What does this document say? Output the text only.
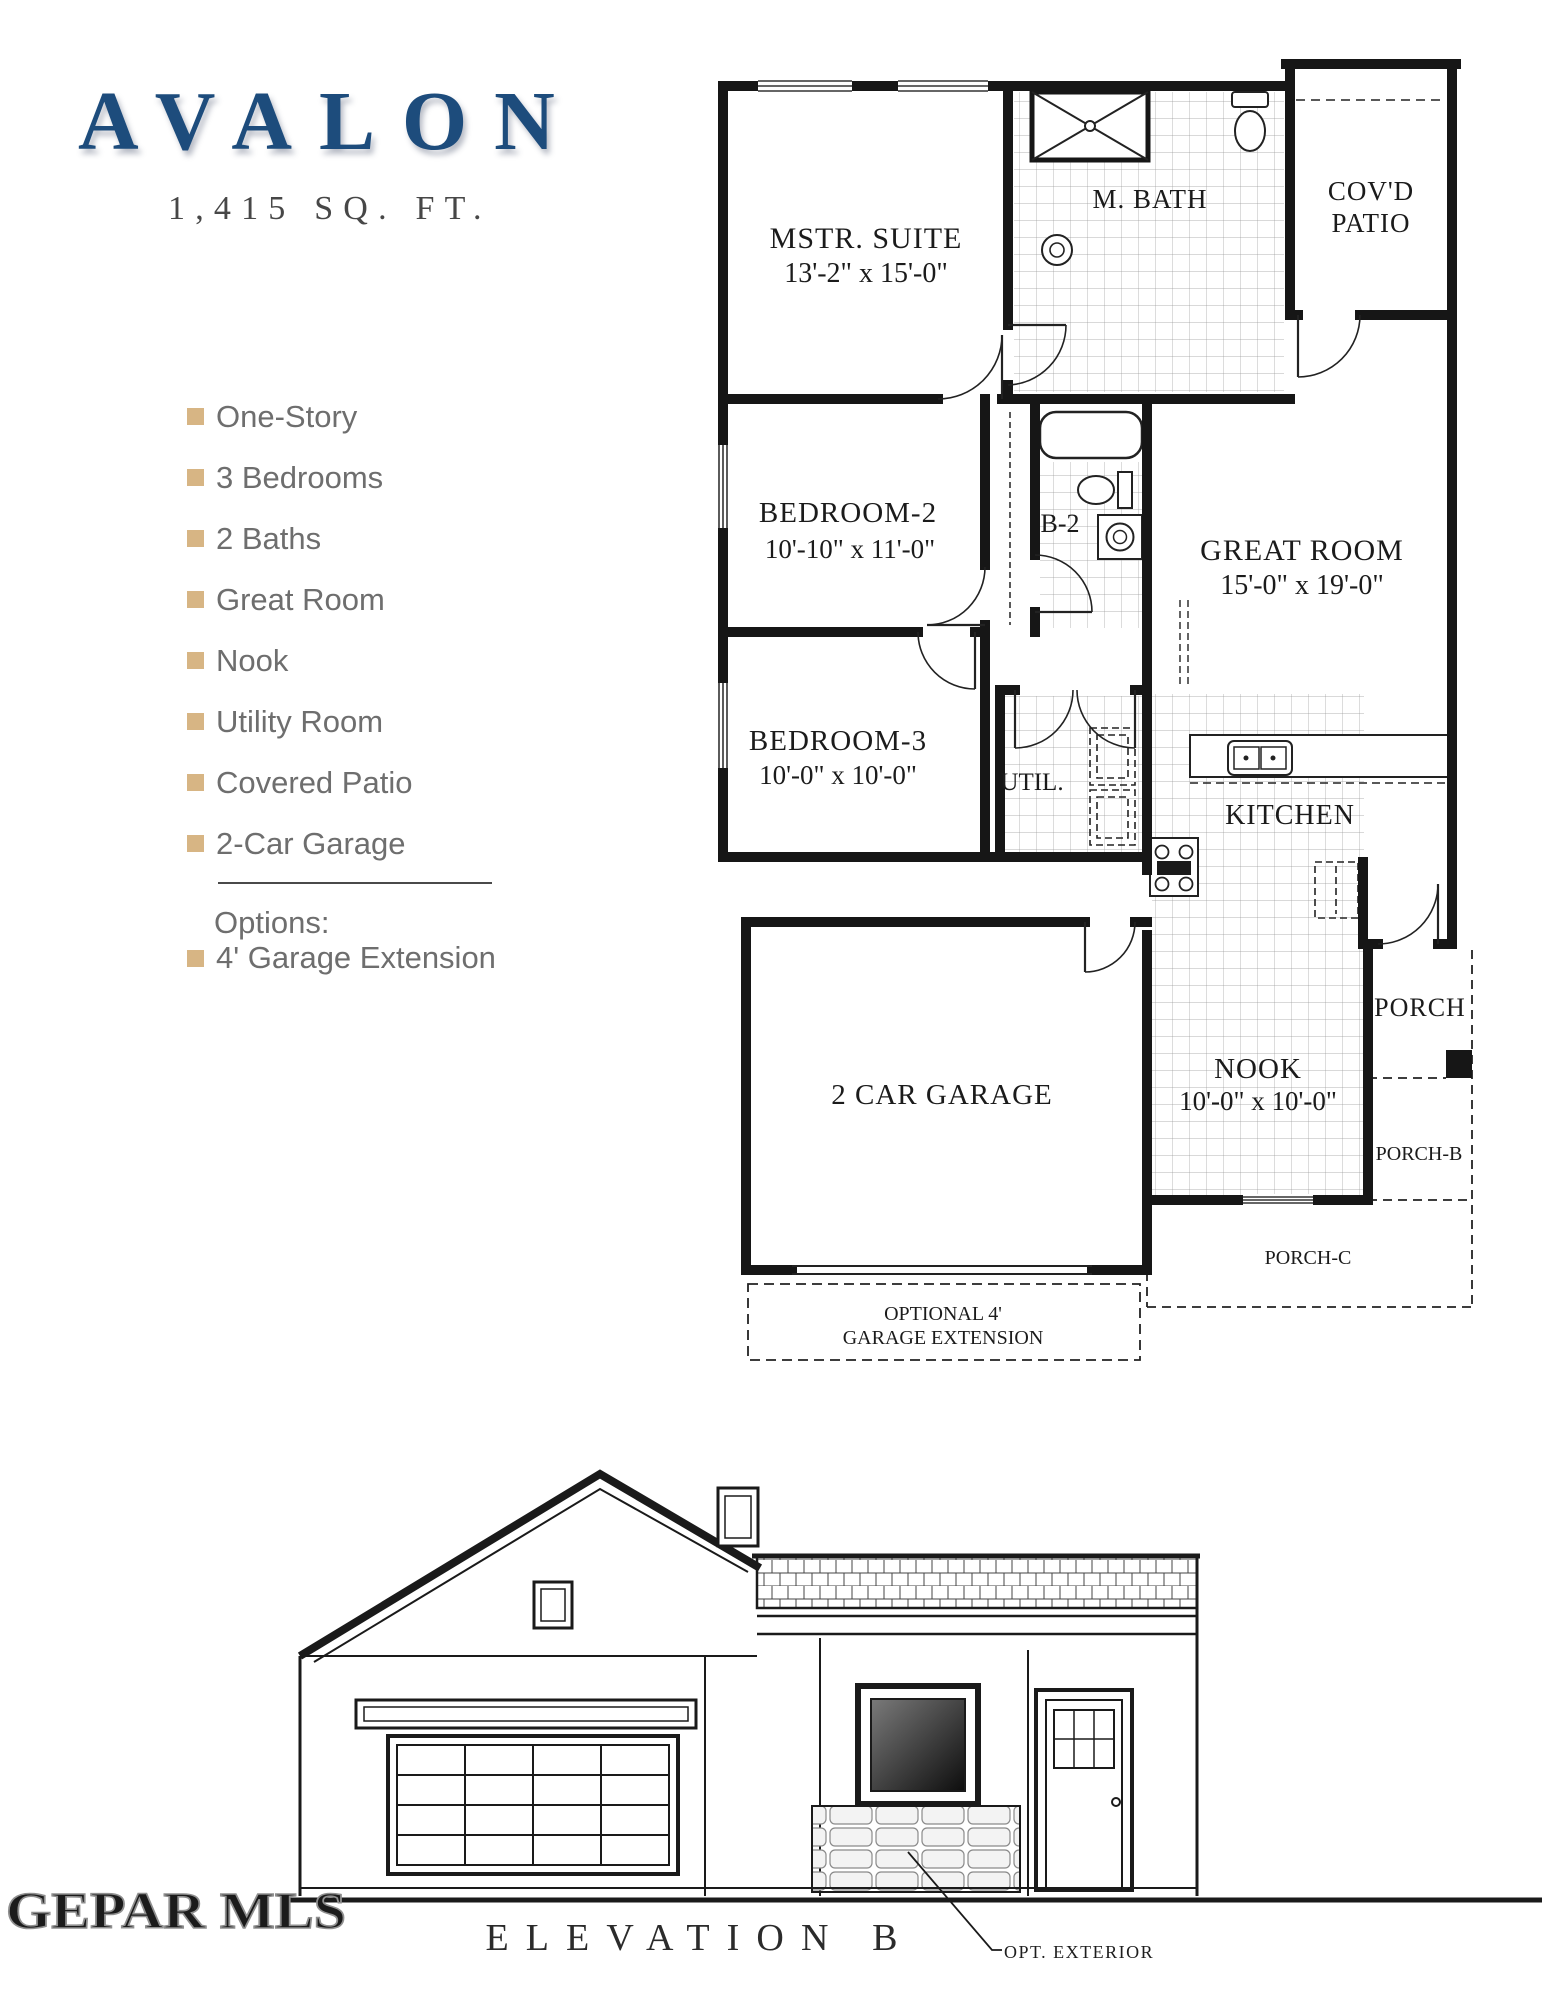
AVALON
1,415 SQ. FT.
One-Story
3 Bedrooms
2 Baths
Great Room
Nook
Utility Room
Covered Patio
2-Car Garage
Options:
4' Garage Extension
MSTR. SUITE
13'-2" x 15'-0"
M. BATH	COV'D
PATIO
GREAT ROOM
15'-0" x 19'-0"
BEDROOM-2
10'-10" x 11'-0"
B-2
BEDROOM-3
10'-0" x 10'-0"	UTIL.
KITCHEN
NOOK
10'-0" x 10'-0"
PORCH
PORCH-B
PORCH-C
2 CAR GARAGE
OPTIONAL 4'
GARAGE EXTENSION
ELEVATION B	OPT. EXTERIOR
GEPAR MLS
